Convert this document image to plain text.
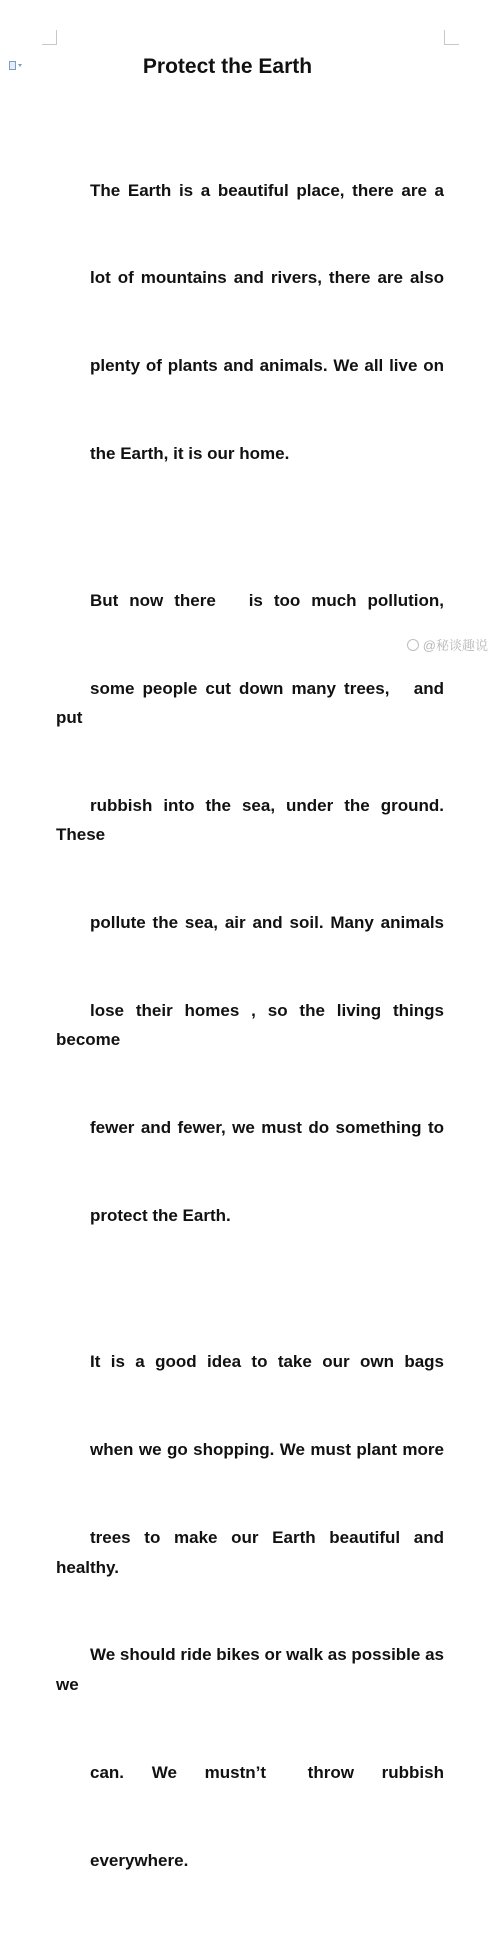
Protect the Earth

The Earth is a beautiful place, there are a

lot of mountains and rivers, there are also

plenty of plants and animals. We all live on

the Earth, it is our home.

But now there   is too much pollution,

some people cut down many trees,   and put

rubbish into the sea, under the ground. These

pollute the sea, air and soil. Many animals

lose their homes , so the living things become

fewer and fewer, we must do something to

protect the Earth.

It is a good idea to take our own bags

when we go shopping. We must plant more

trees to make our Earth beautiful and healthy.

We should ride bikes or walk as possible as we

can.  We  mustn’t   throw  rubbish

everywhere.

@秘谈趣说
